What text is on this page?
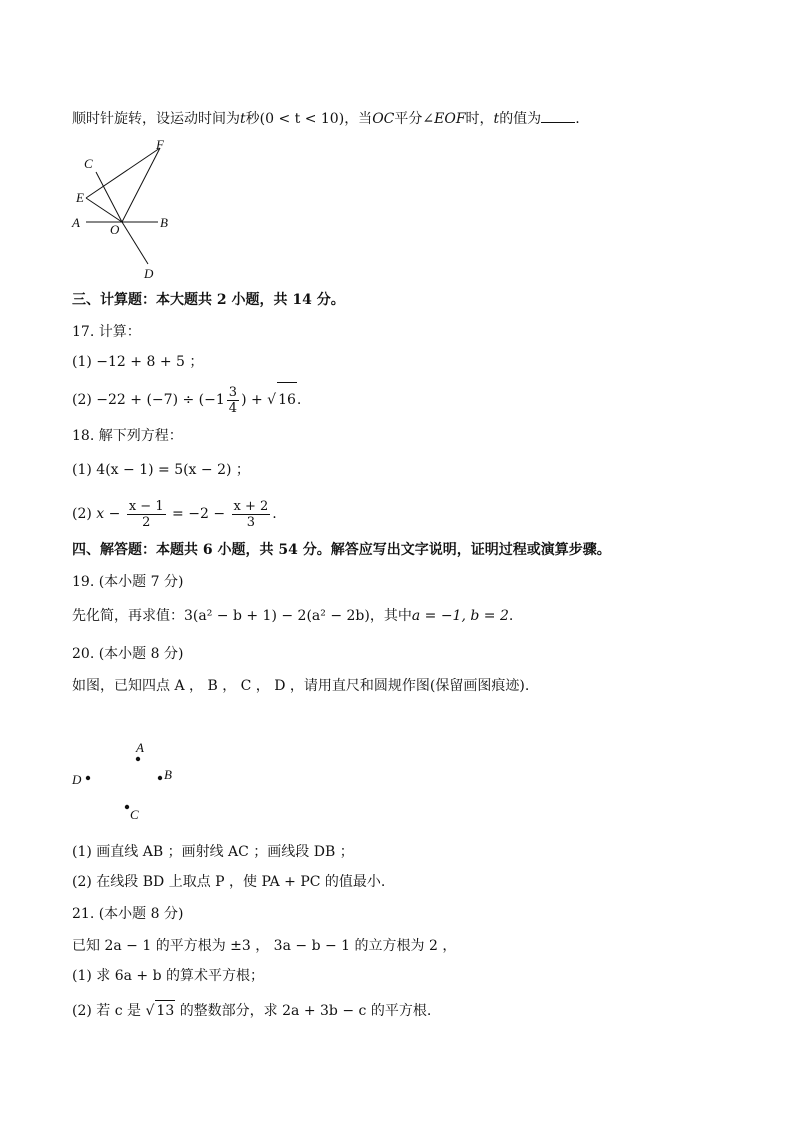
顺时针旋转，设运动时间为t秒(0 < t < 10)，当OC平分∠EOF时，t的值为 .
C
F
E
A O	B
D
三、计算题：本大题共 2 小题，共 14 分。
17. 计算：
(1) −12 + 8 + 5 ；
$(2) -22 + (-7) \div (-1 \frac{3}{4}$ ) + √ 16.
18. 解下列方程：
(1) 4(x − 1) = 5(x − 2) ；
(2) $x - \frac{x - 1}{2} = -2 - \frac{x + 2}{3}$ .
四、解答题：本题共 6 小题，共 54 分。解答应写出文字说明，证明过程或演算步骤。
19. (本小题 7 分)
先化简，再求值：3(a² − b + 1) − 2(a² − 2b)，其中a = −1, b = 2.
20. (本小题 8 分)
如图，已知四点 A ， B ， C ， D ，请用直尺和圆规作图(保留画图痕迹).
A
B
C
D
(1) 画直线 AB ；画射线 AC ；画线段 DB ；
(2) 在线段 BD 上取点 P ，使 PA + PC 的值最小.
21. (本小题 8 分)
已知 2a − 1 的平方根为 ±3 ， 3a − b − 1 的立方根为 2 ，
(1) 求 6a + b 的算术平方根；
(2) 若 c 是 √ 13 的整数部分，求 2a + 3b − c 的平方根.
